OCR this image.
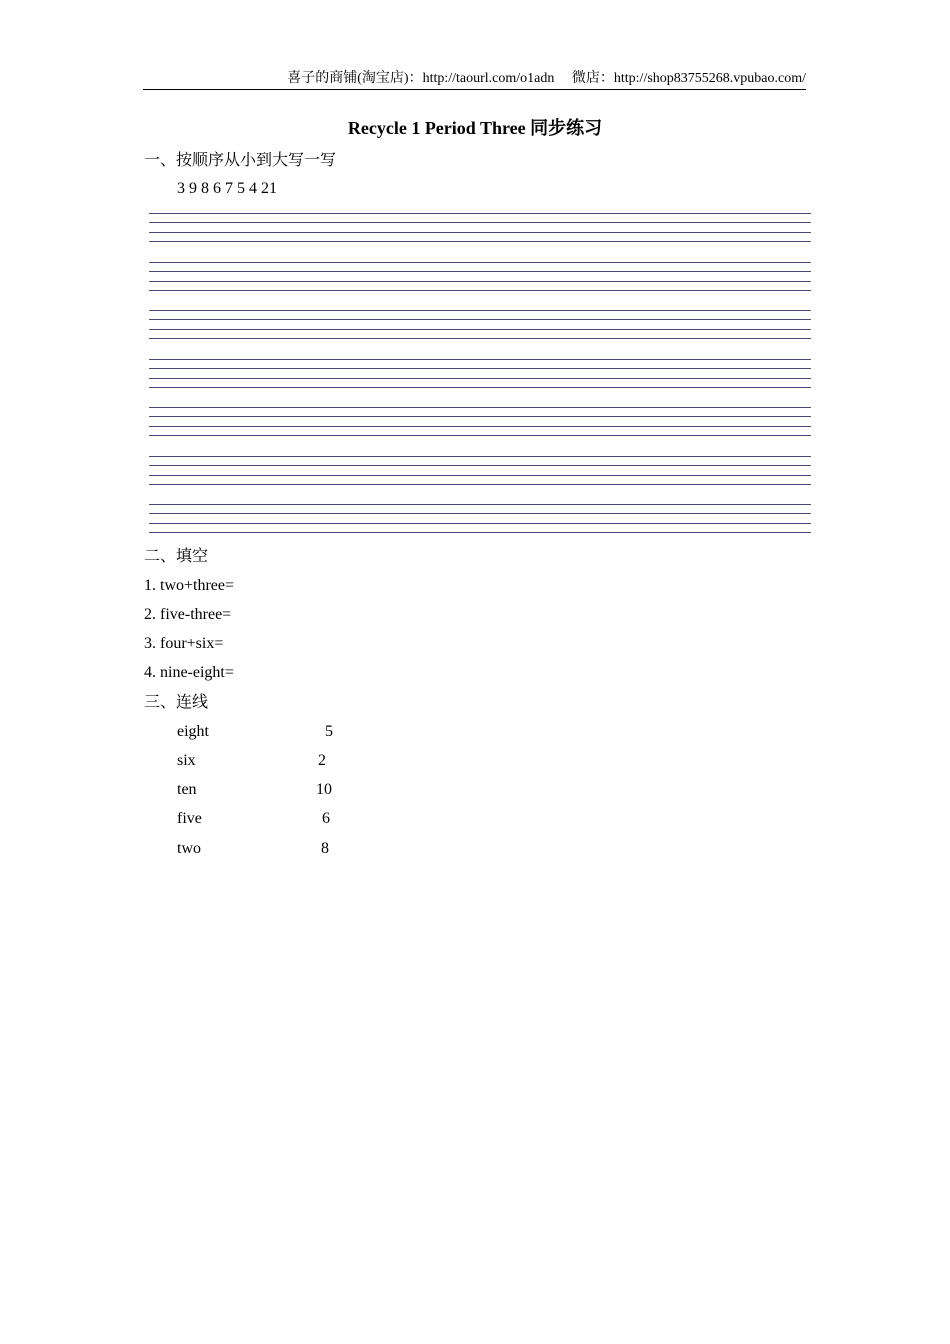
喜子的商铺(淘宝店)：http://taourl.com/o1adn　 微店：http://shop83755268.vpubao.com/
Recycle 1 Period Three 同步练习
一、按顺序从小到大写一写
3 9 8 6 7 5 4 21
二、填空
1. two+three=
2. five-three=
3. four+six=
4. nine-eight=
三、连线
eight	5
six	2
ten	10
five	6
two	8
